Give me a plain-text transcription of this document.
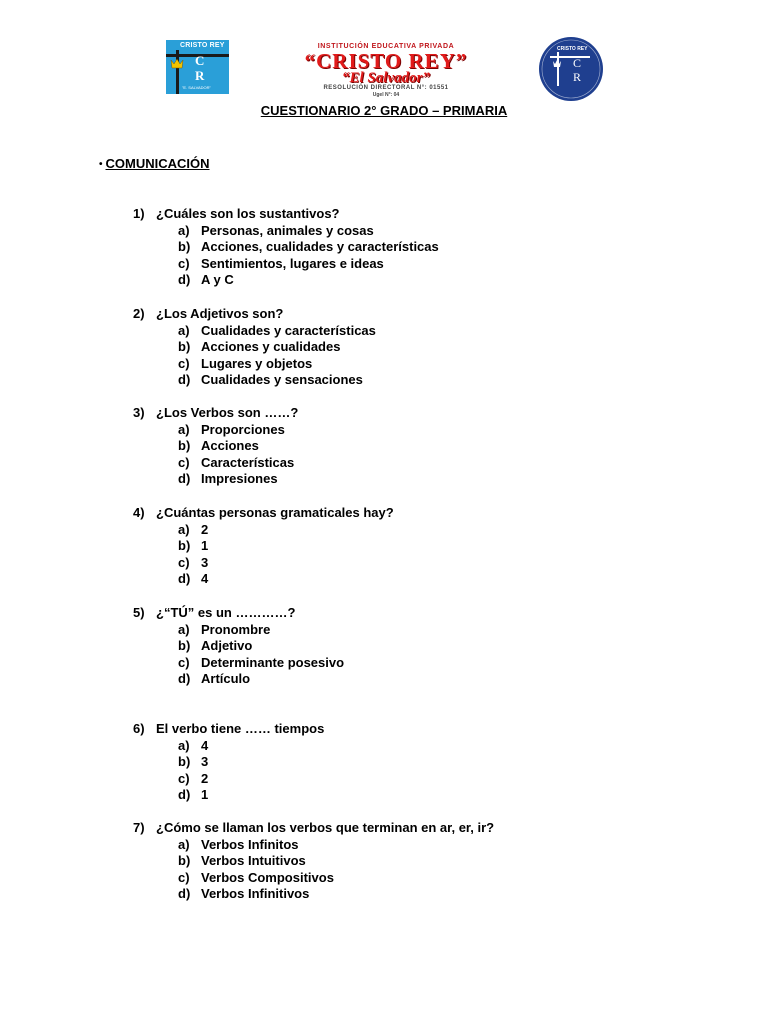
CRISTO REY
C
R
"E. SALVADOR"
INSTITUCIÓN EDUCATIVA PRIVADA
“CRISTO REY”
“El Salvador”
RESOLUCIÓN DIRECTORAL N°: 01551
Ugel N°: 04
CRISTO REY
C
R
CUESTIONARIO 2° GRADO – PRIMARIA
• COMUNICACIÓN
1) ¿Cuáles son los sustantivos?
a) Personas, animales y cosas
b) Acciones, cualidades y características
c) Sentimientos, lugares e ideas
d) A y C
2) ¿Los Adjetivos son?
a) Cualidades y características
b) Acciones y cualidades
c) Lugares y objetos
d) Cualidades y sensaciones
3) ¿Los Verbos son ……?
a) Proporciones
b) Acciones
c) Características
d) Impresiones
4) ¿Cuántas personas gramaticales hay?
a) 2
b) 1
c) 3
d) 4
5) ¿“TÚ” es un …………?
a) Pronombre
b) Adjetivo
c) Determinante posesivo
d) Artículo
6) El verbo tiene …… tiempos
a) 4
b) 3
c) 2
d) 1
7) ¿Cómo se llaman los verbos que terminan en ar, er, ir?
a) Verbos Infinitos
b) Verbos Intuitivos
c) Verbos Compositivos
d) Verbos Infinitivos
